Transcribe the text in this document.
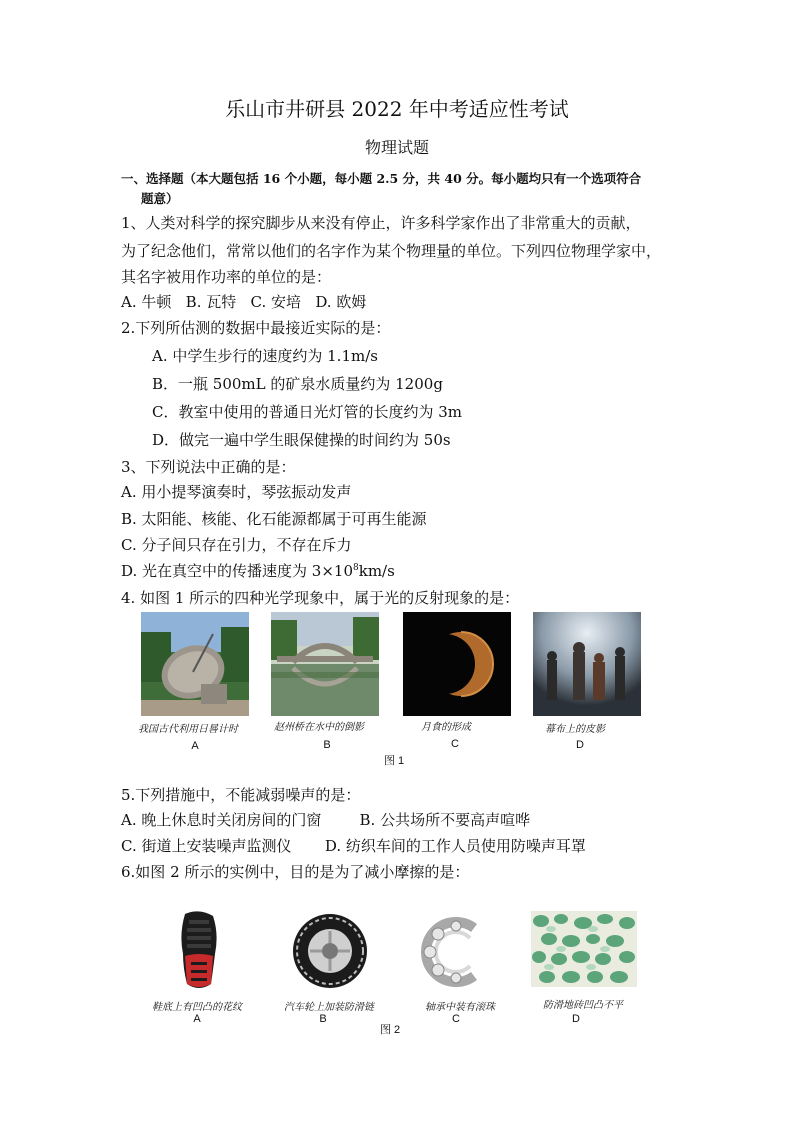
乐山市井研县 2022 年中考适应性考试
物理试题
一、选择题（本大题包括 16 个小题，每小题 2.5 分，共 40 分。每小题均只有一个选项符合
题意）
1、人类对科学的探究脚步从来没有停止，许多科学家作出了非常重大的贡献，
为了纪念他们，常常以他们的名字作为某个物理量的单位。下列四位物理学家中，
其名字被用作功率的单位的是：
A. 牛顿   B. 瓦特   C. 安培   D. 欧姆
2.下列所估测的数据中最接近实际的是：
A. 中学生步行的速度约为 1.1m/s
B．一瓶 500mL 的矿泉水质量约为 1200g
C．教室中使用的普通日光灯管的长度约为 3m
D．做完一遍中学生眼保健操的时间约为 50s
3、下列说法中正确的是：
A. 用小提琴演奏时，琴弦振动发声
B. 太阳能、核能、化石能源都属于可再生能源
C. 分子间只存在引力，不存在斥力
D. 光在真空中的传播速度为 $3\times 10^8km/s$
4. 如图 1 所示的四种光学现象中，属于光的反射现象的是：
我国古代利用日晷计时	赵州桥在水中的倒影	月食的形成	幕布上的皮影
A	B	C	D
图 1
5.下列措施中，不能减弱噪声的是：
A. 晚上休息时关闭房间的门窗        B. 公共场所不要高声喧哗
C. 街道上安装噪声监测仪       D. 纺织车间的工作人员使用防噪声耳罩
6.如图 2 所示的实例中，目的是为了减小摩擦的是：
鞋底上有凹凸的花纹	汽车轮上加装防滑链	轴承中装有滚珠	防滑地砖凹凸不平
A	B	C	D
图 2
